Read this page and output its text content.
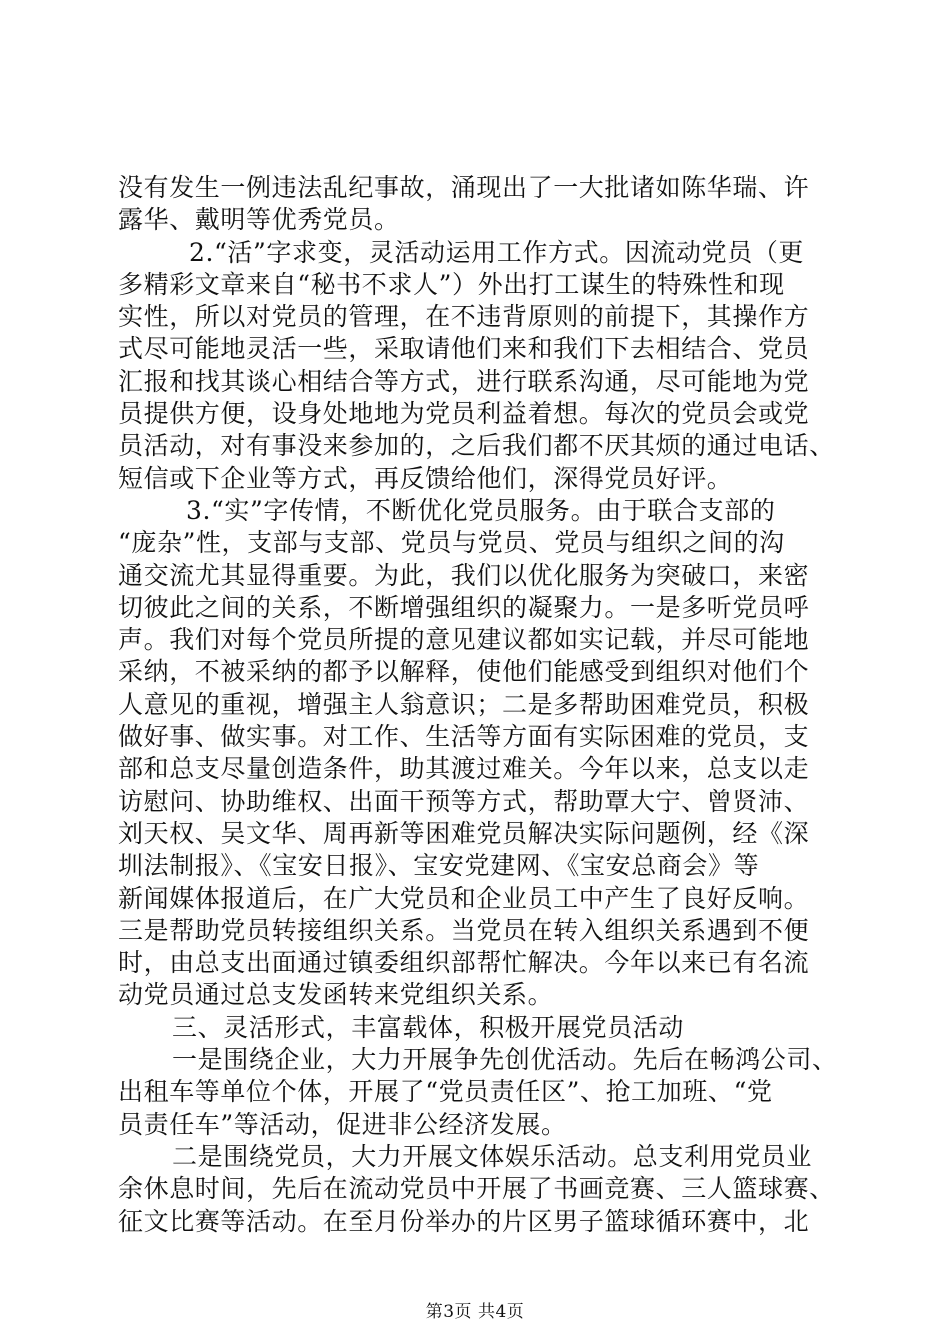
没有发生一例违法乱纪事故，涌现出了一大批诸如陈华瑞、许
露华、戴明等优秀党员。
2.“活”字求变，灵活动运用工作方式。因流动党员（更
多精彩文章来自“秘书不求人”）外出打工谋生的特殊性和现
实性，所以对党员的管理，在不违背原则的前提下，其操作方
式尽可能地灵活一些，采取请他们来和我们下去相结合、党员
汇报和找其谈心相结合等方式，进行联系沟通，尽可能地为党
员提供方便，设身处地地为党员利益着想。每次的党员会或党
员活动，对有事没来参加的，之后我们都不厌其烦的通过电话、
短信或下企业等方式，再反馈给他们，深得党员好评。
3.“实”字传情，不断优化党员服务。由于联合支部的
“庞杂”性，支部与支部、党员与党员、党员与组织之间的沟
通交流尤其显得重要。为此，我们以优化服务为突破口，来密
切彼此之间的关系，不断增强组织的凝聚力。一是多听党员呼
声。我们对每个党员所提的意见建议都如实记载，并尽可能地
采纳，不被采纳的都予以解释，使他们能感受到组织对他们个
人意见的重视，增强主人翁意识；二是多帮助困难党员，积极
做好事、做实事。对工作、生活等方面有实际困难的党员，支
部和总支尽量创造条件，助其渡过难关。今年以来，总支以走
访慰问、协助维权、出面干预等方式，帮助覃大宁、曾贤沛、
刘天权、吴文华、周再新等困难党员解决实际问题例，经《深
圳法制报》、《宝安日报》、宝安党建网、《宝安总商会》等
新闻媒体报道后，在广大党员和企业员工中产生了良好反响。
三是帮助党员转接组织关系。当党员在转入组织关系遇到不便
时，由总支出面通过镇委组织部帮忙解决。今年以来已有名流
动党员通过总支发函转来党组织关系。
三、灵活形式，丰富载体，积极开展党员活动
一是围绕企业，大力开展争先创优活动。先后在畅鸿公司、
出租车等单位个体，开展了“党员责任区”、抢工加班、“党
员责任车”等活动，促进非公经济发展。
二是围绕党员，大力开展文体娱乐活动。总支利用党员业
余休息时间，先后在流动党员中开展了书画竞赛、三人篮球赛、
征文比赛等活动。在至月份举办的片区男子篮球循环赛中，北
第3页 共4页
